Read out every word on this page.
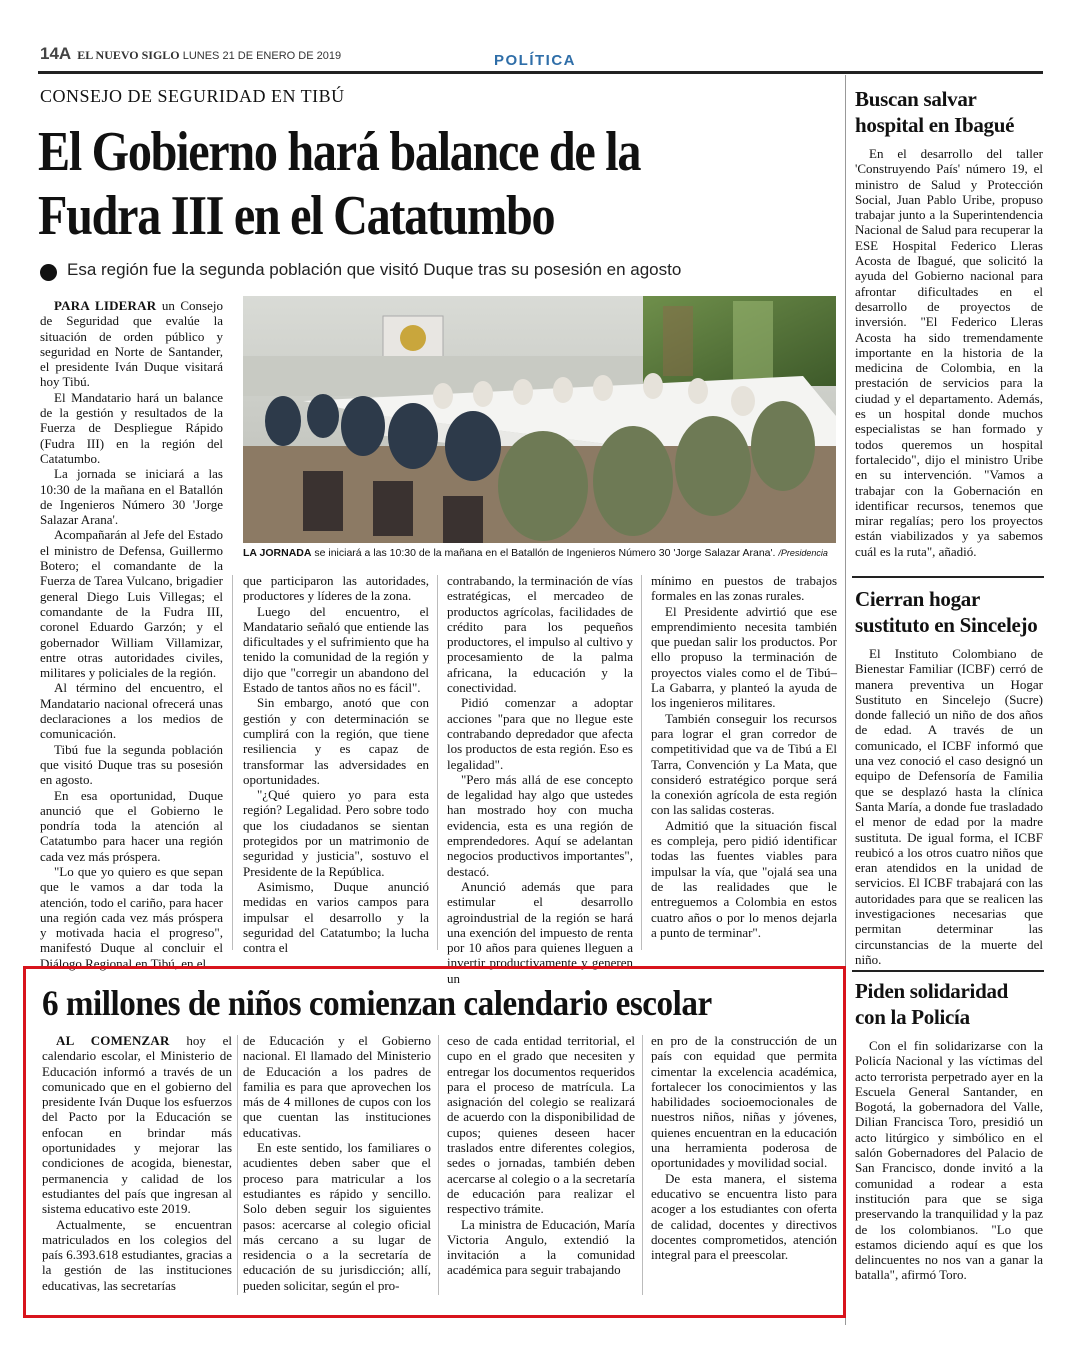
14A EL NUEVO SIGLO LUNES 21 DE ENERO DE 2019	POLÍTICA
CONSEJO DE SEGURIDAD EN TIBÚ
El Gobierno hará balance de la Fudra III en el Catatumbo
Esa región fue la segunda población que visitó Duque tras su posesión en agosto
LA JORNADA se iniciará a las 10:30 de la mañana en el Batallón de Ingenieros Número 30 'Jorge Salazar Arana'. /Presidencia

PARA LIDERAR un Consejo de Seguridad que evalúe la situación de orden público y seguridad en Norte de Santander, el presidente Iván Duque visitará hoy Tibú.

El Mandatario hará un balance de la gestión y resultados de la Fuerza de Despliegue Rápido (Fudra III) en la región del Catatumbo.

La jornada se iniciará a las 10:30 de la mañana en el Batallón de Ingenieros Número 30 'Jorge Salazar Arana'.

Acompañarán al Jefe del Estado el ministro de Defensa, Guillermo Botero; el comandante de la Fuerza de Tarea Vulcano, brigadier general Diego Luis Villegas; el comandante de la Fudra III, coronel Eduardo Garzón; y el gobernador William Villamizar, entre otras autoridades civiles, militares y policiales de la región.

Al término del encuentro, el Mandatario nacional ofrecerá unas declaraciones a los medios de comunicación.

Tibú fue la segunda población que visitó Duque tras su posesión en agosto.

En esa oportunidad, Duque anunció que el Gobierno le pondría toda la atención al Catatumbo para hacer una región cada vez más próspera.

"Lo que yo quiero es que sepan que le vamos a dar toda la atención, todo el cariño, para hacer una región cada vez más próspera y motivada hacia el progreso", manifestó Duque al concluir el Diálogo Regional en Tibú, en el

que participaron las autoridades, productores y líderes de la zona.

Luego del encuentro, el Mandatario señaló que entiende las dificultades y el sufrimiento que ha tenido la comunidad de la región y dijo que "corregir un abandono del Estado de tantos años no es fácil".

Sin embargo, anotó que con gestión y con determinación se cumplirá con la región, que tiene resiliencia y es capaz de transformar las adversidades en oportunidades.

"¿Qué quiero yo para esta región? Legalidad. Pero sobre todo que los ciudadanos se sientan protegidos por un matrimonio de seguridad y justicia", sostuvo el Presidente de la República.

Asimismo, Duque anunció medidas en varios campos para impulsar el desarrollo y la seguridad del Catatumbo; la lucha contra el

contrabando, la terminación de vías estratégicas, el mercadeo de productos agrícolas, facilidades de crédito para los pequeños productores, el impulso al cultivo y procesamiento de la palma africana, la educación y la conectividad.

Pidió comenzar a adoptar acciones "para que no llegue este contrabando depredador que afecta los productos de esta región. Eso es legalidad".

"Pero más allá de ese concepto de legalidad hay algo que ustedes han mostrado hoy con mucha evidencia, esta es una región de emprendedores. Aquí se adelantan negocios productivos importantes", destacó.

Anunció además que para estimular el desarrollo agroindustrial de la región se hará una exención del impuesto de renta por 10 años para quienes lleguen a invertir productivamente y generen un

mínimo en puestos de trabajos formales en las zonas rurales.

El Presidente advirtió que ese emprendimiento necesita también que puedan salir los productos. Por ello propuso la terminación de proyectos viales como el de Tibú–La Gabarra, y planteó la ayuda de los ingenieros militares.

También conseguir los recursos para lograr el gran corredor de competitividad que va de Tibú a El Tarra, Convención y La Mata, que consideró estratégico porque será la conexión agrícola de esta región con las salidas costeras.

Admitió que la situación fiscal es compleja, pero pidió identificar todas las fuentes viables para impulsar la vía, que "ojalá sea una de las realidades que le entreguemos a Colombia en estos cuatro años o por lo menos dejarla a punto de terminar".

6 millones de niños comienzan calendario escolar

AL COMENZAR hoy el calendario escolar, el Ministerio de Educación informó a través de un comunicado que en el gobierno del presidente Iván Duque los esfuerzos del Pacto por la Educación se enfocan en brindar más oportunidades y mejorar las condiciones de acogida, bienestar, permanencia y calidad de los estudiantes del país que ingresan al sistema educativo este 2019.

Actualmente, se encuentran matriculados en los colegios del país 6.393.618 estudiantes, gracias a la gestión de las instituciones educativas, las secretarías

de Educación y el Gobierno nacional. El llamado del Ministerio de Educación a los padres de familia es para que aprovechen los más de 4 millones de cupos con los que cuentan las instituciones educativas.

En este sentido, los familiares o acudientes deben saber que el proceso para matricular a los estudiantes es rápido y sencillo. Solo deben seguir los siguientes pasos: acercarse al colegio oficial más cercano a su lugar de residencia o a la secretaría de educación de su jurisdicción; allí, pueden solicitar, según el pro-

ceso de cada entidad territorial, el cupo en el grado que necesiten y entregar los documentos requeridos para el proceso de matrícula. La asignación del colegio se realizará de acuerdo con la disponibilidad de cupos; quienes deseen hacer traslados entre diferentes colegios, sedes o jornadas, también deben acercarse al colegio o a la secretaría de educación para realizar el respectivo trámite.

La ministra de Educación, María Victoria Angulo, extendió la invitación a la comunidad académica para seguir trabajando

en pro de la construcción de un país con equidad que permita cimentar la excelencia académica, fortalecer los conocimientos y las habilidades socioemocionales de nuestros niños, niñas y jóvenes, quienes encuentran en la educación una herramienta poderosa de oportunidades y movilidad social.

De esta manera, el sistema educativo se encuentra listo para acoger a los estudiantes con oferta de calidad, docentes y directivos docentes comprometidos, atención integral para el preescolar.

Buscan salvar hospital en Ibagué

En el desarrollo del taller 'Construyendo País' número 19, el ministro de Salud y Protección Social, Juan Pablo Uribe, propuso trabajar junto a la Superintendencia Nacional de Salud para recuperar la ESE Hospital Federico Lleras Acosta de Ibagué, que solicitó la ayuda del Gobierno nacional para afrontar dificultades en el desarrollo de proyectos de inversión. "El Federico Lleras Acosta ha sido tremendamente importante en la historia de la medicina de Colombia, en la prestación de servicios para la ciudad y el departamento. Además, es un hospital donde muchos especialistas se han formado y todos queremos un hospital fortalecido", dijo el ministro Uribe en su intervención. "Vamos a trabajar con la Gobernación en identificar recursos, tenemos que mirar regalías; pero los proyectos están viabilizados y ya sabemos cuál es la ruta", añadió.

Cierran hogar sustituto en Sincelejo

El Instituto Colombiano de Bienestar Familiar (ICBF) cerró de manera preventiva un Hogar Sustituto en Sincelejo (Sucre) donde falleció un niño de dos años de edad. A través de un comunicado, el ICBF informó que una vez conoció el caso designó un equipo de Defensoría de Familia que se desplazó hasta la clínica Santa María, a donde fue trasladado el menor de edad por la madre sustituta. De igual forma, el ICBF reubicó a los otros cuatro niños que eran atendidos en la unidad de servicios. El ICBF trabajará con las autoridades para que se realicen las investigaciones necesarias que permitan determinar las circunstancias de la muerte del niño.

Piden solidaridad con la Policía

Con el fin solidarizarse con la Policía Nacional y las víctimas del acto terrorista perpetrado ayer en la Escuela General Santander, en Bogotá, la gobernadora del Valle, Dilian Francisca Toro, presidió un acto litúrgico y simbólico en el salón Gobernadores del Palacio de San Francisco, donde invitó a la comunidad a rodear a esta institución para que se siga preservando la tranquilidad y la paz de los colombianos. "Lo que estamos diciendo aquí es que los delincuentes no nos van a ganar la batalla", afirmó Toro.
